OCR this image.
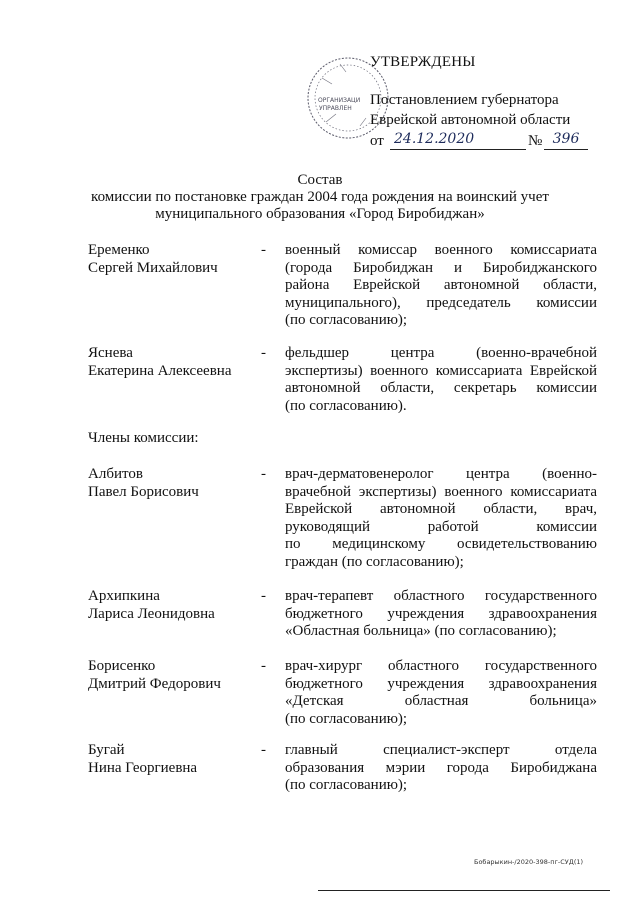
ОРГАНИЗАЦИ
УПРАВЛЕН
УТВЕРЖДЕНЫ
Постановлением губернатора
Еврейской автономной области
от 24.12.2020	№ 396
Состав
комиссии по постановке граждан 2004 года рождения на воинский учет
муниципального образования «Город Биробиджан»
Еременко
Сергей Михайлович
- военный комиссар военного комиссариата
(города Биробиджан и Биробиджанского
района Еврейской автономной области,
муниципального), председатель комиссии
(по согласованию);
Яснева
Екатерина Алексеевна
- фельдшер центра (военно-врачебной
экспертизы) военного комиссариата Еврейской
автономной области, секретарь комиссии
(по согласованию).
Члены комиссии:
Албитов
Павел Борисович
- врач-дерматовенеролог центра (военно-
врачебной экспертизы) военного комиссариата
Еврейской автономной области, врач,
руководящий работой комиссии
по медицинскому освидетельствованию
граждан (по согласованию);
Архипкина
Лариса Леонидовна
- врач-терапевт областного государственного
бюджетного учреждения здравоохранения
«Областная больница» (по согласованию);
Борисенко
Дмитрий Федорович
- врач-хирург областного государственного
бюджетного учреждения здравоохранения
«Детская областная больница»
(по согласованию);
Бугай
Нина Георгиевна
- главный специалист-эксперт отдела
образования мэрии города Биробиджана
(по согласованию);
Бобарыкин-/2020-398-пг-СУД(1)
